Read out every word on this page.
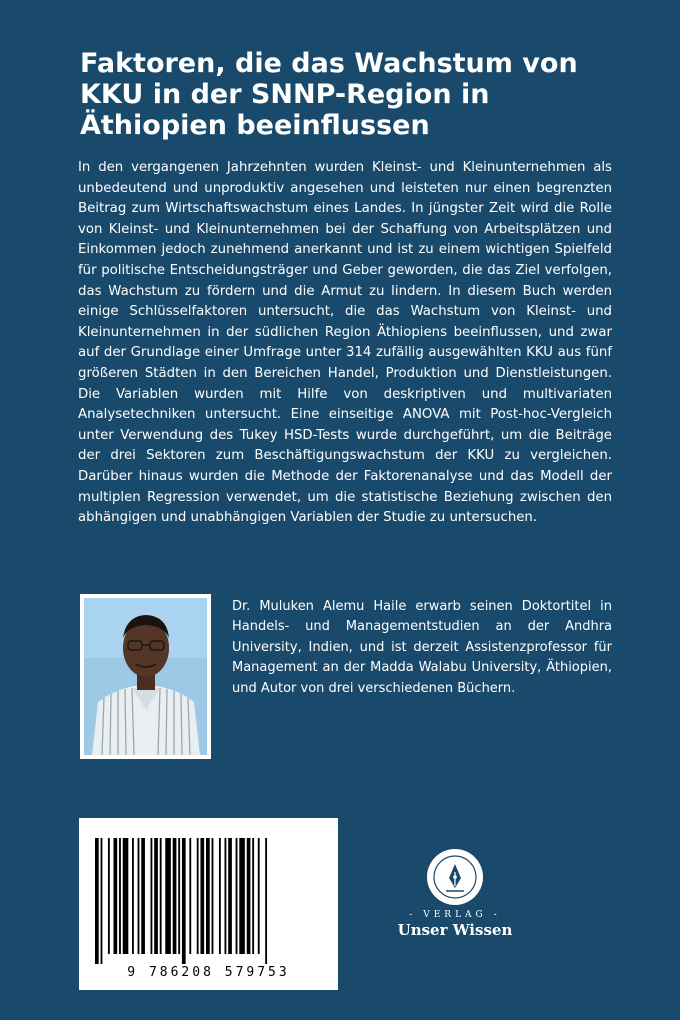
Faktoren, die das Wachstum von KKU in der SNNP-Region in Äthiopien beeinflussen

In den vergangenen Jahrzehnten wurden Kleinst- und Kleinunternehmen als unbedeutend und unproduktiv angesehen und leisteten nur einen begrenzten Beitrag zum Wirtschaftswachstum eines Landes. In jüngster Zeit wird die Rolle von Kleinst- und Kleinunternehmen bei der Schaffung von Arbeitsplätzen und Einkommen jedoch zunehmend anerkannt und ist zu einem wichtigen Spielfeld für politische Entscheidungsträger und Geber geworden, die das Ziel verfolgen, das Wachstum zu fördern und die Armut zu lindern. In diesem Buch werden einige Schlüsselfaktoren untersucht, die das Wachstum von Kleinst- und Kleinunternehmen in der südlichen Region Äthiopiens beeinflussen, und zwar auf der Grundlage einer Umfrage unter 314 zufällig ausgewählten KKU aus fünf größeren Städten in den Bereichen Handel, Produktion und Dienstleistungen. Die Variablen wurden mit Hilfe von deskriptiven und multivariaten Analysetechniken untersucht. Eine einseitige ANOVA mit Post-hoc-Vergleich unter Verwendung des Tukey HSD-Tests wurde durchgeführt, um die Beiträge der drei Sektoren zum Beschäftigungswachstum der KKU zu vergleichen. Darüber hinaus wurden die Methode der Faktorenanalyse und das Modell der multiplen Regression verwendet, um die statistische Beziehung zwischen den abhängigen und unabhängigen Variablen der Studie zu untersuchen.

Dr. Muluken Alemu Haile erwarb seinen Doktortitel in Handels- und Managementstudien an der Andhra University, Indien, und ist derzeit Assistenzprofessor für Management an der Madda Walabu University, Äthiopien, und Autor von drei verschiedenen Büchern.

9 786208 579753
- VERLAG -
Unser Wissen
